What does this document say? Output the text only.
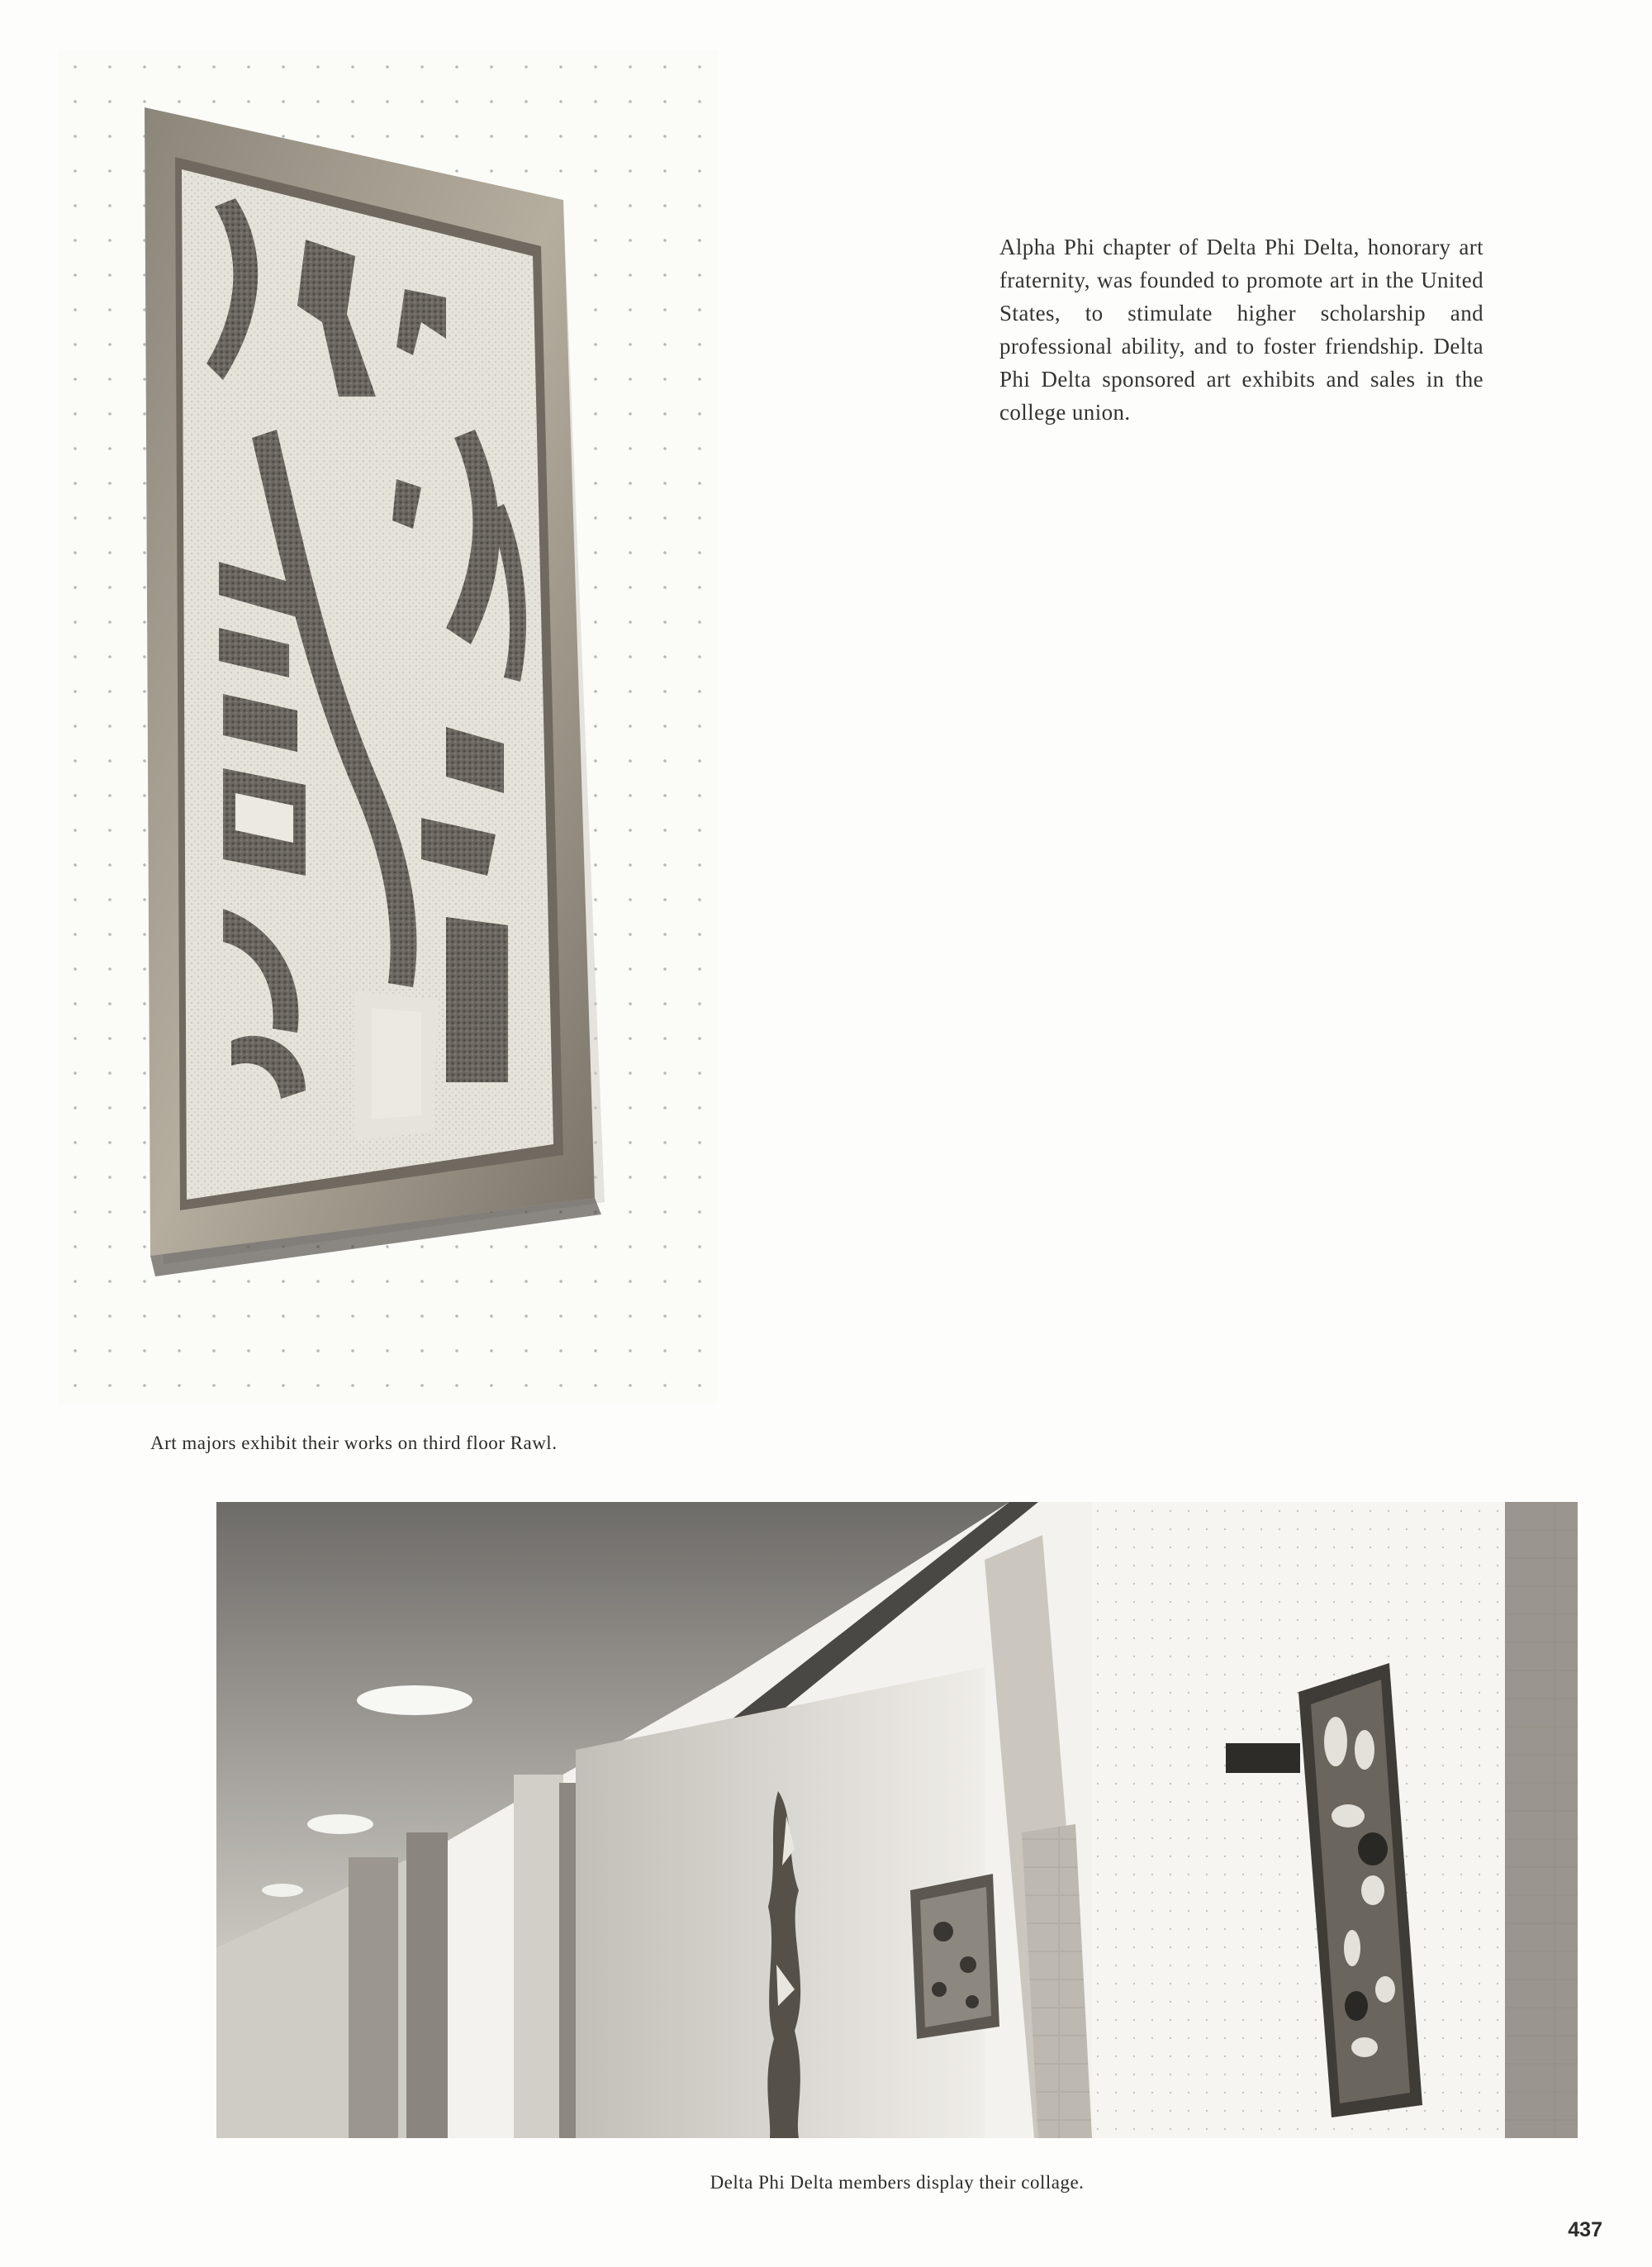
Art majors exhibit their works on third floor Rawl.

Alpha Phi chapter of Delta Phi Delta, honorary art fraternity, was founded to promote art in the United States, to stimulate higher scholarship and professional ability, and to foster friendship. Delta Phi Delta sponsored art exhibits and sales in the college union.

Delta Phi Delta members display their collage.
437
